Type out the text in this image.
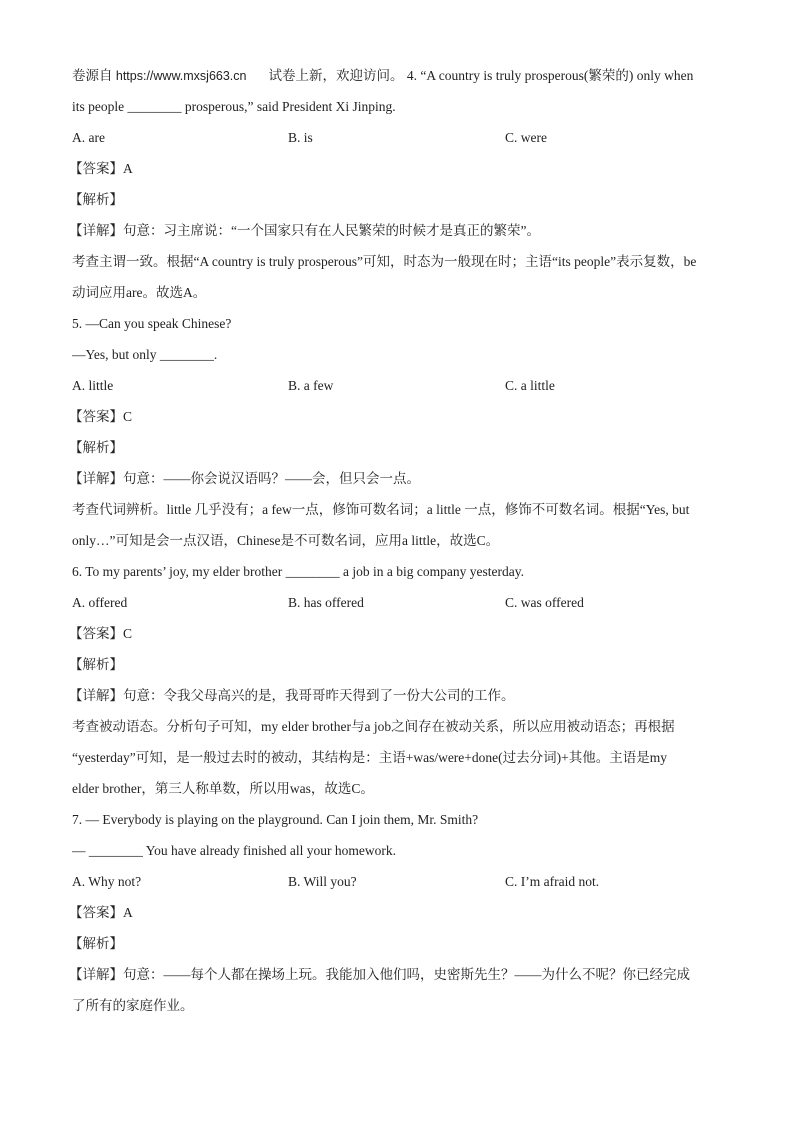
卷源自 https://www.mxsj663.cn 试卷上新，欢迎访问。 4. “A country is truly prosperous(繁荣的) only when
its people ________ prosperous,” said President Xi Jinping.
A. are	B. is	C. were
【答案】A
【解析】
【详解】句意：习主席说：“一个国家只有在人民繁荣的时候才是真正的繁荣”。
考查主谓一致。根据“A country is truly prosperous”可知，时态为一般现在时；主语“its people”表示复数，be
动词应用are。故选A。
5. —Can you speak Chinese?
—Yes, but only ________.
A. little	B. a few	C. a little
【答案】C
【解析】
【详解】句意：——你会说汉语吗？——会，但只会一点。
考查代词辨析。little 几乎没有；a few一点，修饰可数名词；a little 一点，修饰不可数名词。根据“Yes, but
only…”可知是会一点汉语，Chinese是不可数名词，应用a little，故选C。
6. To my parents’ joy, my elder brother ________ a job in a big company yesterday.
A. offered	B. has offered	C. was offered
【答案】C
【解析】
【详解】句意：令我父母高兴的是，我哥哥昨天得到了一份大公司的工作。
考查被动语态。分析句子可知，my elder brother与a job之间存在被动关系，所以应用被动语态；再根据
“yesterday”可知，是一般过去时的被动，其结构是：主语+was/were+done(过去分词)+其他。主语是my
elder brother，第三人称单数，所以用was，故选C。
7. — Everybody is playing on the playground. Can I join them, Mr. Smith?
— ________ You have already finished all your homework.
A. Why not?	B. Will you?	C. I’m afraid not.
【答案】A
【解析】
【详解】句意：——每个人都在操场上玩。我能加入他们吗，史密斯先生？——为什么不呢？你已经完成
了所有的家庭作业。
